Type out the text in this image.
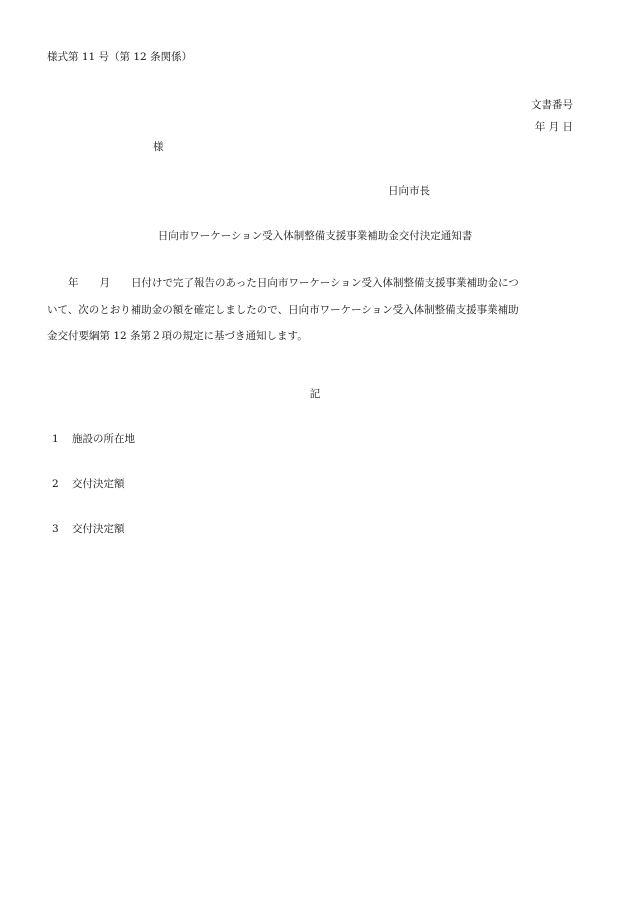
様式第 11 号（第 12 条関係）
文書番号
年 月 日
様
日向市長
日向市ワーケーション受入体制整備支援事業補助金交付決定通知書
　　年　　月　　日付けで完了報告のあった日向市ワーケーション受入体制整備支援事業補助金につ
いて、次のとおり補助金の額を確定しましたので、日向市ワーケーション受入体制整備支援事業補助
金交付要綱第 12 条第２項の規定に基づき通知します。
記
1 施設の所在地
2 交付決定額
3 交付決定額
